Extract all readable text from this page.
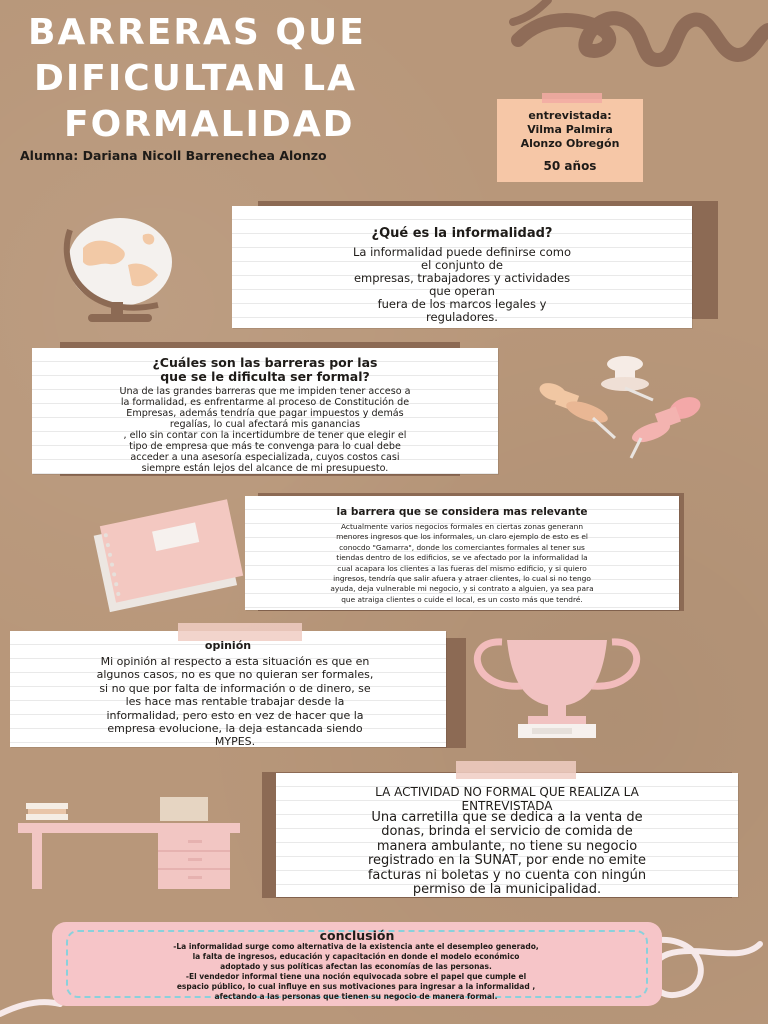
BARRERAS QUE
DIFICULTAN LA
FORMALIDAD
Alumna: Dariana Nicoll Barrenechea Alonzo
entrevistada:
Vilma Palmira
Alonzo Obregón
50 años
¿Qué es la informalidad?
La informalidad puede definirse como
el conjunto de
empresas, trabajadores y actividades
que operan
fuera de los marcos legales y
reguladores.
¿Cuáles son las barreras por las
que se le dificulta ser formal?
Una de las grandes barreras que me impiden tener acceso a
la formalidad, es enfrentarme al proceso de Constitución de
Empresas, además tendría que pagar impuestos y demás
regalías, lo cual afectará mis ganancias
, ello sin contar con la incertidumbre de tener que elegir el
tipo de empresa que más te convenga para lo cual debe
acceder a una asesoría especializada, cuyos costos casi
siempre están lejos del alcance de mi presupuesto.
la barrera que se considera mas relevante
Actualmente varios negocios formales en ciertas zonas generann
menores ingresos que los informales, un claro ejemplo de esto es el
conocdo "Gamarra", donde los comerciantes formales al tener sus
tiendas dentro de los edificios, se ve afectado por la informalidad la
cual acapara los clientes a las fueras del mismo edificio, y si quiero
ingresos, tendría que salir afuera y atraer clientes, lo cual si no tengo
ayuda, deja vulnerable mi negocio, y si contrato a alguien, ya sea para
que atraiga clientes o cuide el local, es un costo más que tendré.
opinión
Mi opinión al respecto a esta situación es que en
algunos casos, no es que no quieran ser formales,
si no que por falta de información o de dinero, se
les hace mas rentable trabajar desde la
informalidad, pero esto en vez de hacer que la
empresa evolucione, la deja estancada siendo
MYPES.
LA ACTIVIDAD NO FORMAL QUE REALIZA LA
ENTREVISTADA
Una carretilla que se dedica a la venta de
donas, brinda el servicio de comida de
manera ambulante, no tiene su negocio
registrado en la SUNAT, por ende no emite
facturas ni boletas y no cuenta con ningún
permiso de la municipalidad.
conclusión
-La informalidad surge como alternativa de la existencia ante el desempleo generado,
la falta de ingresos, educación y capacitación en donde el modelo económico
adoptado y sus políticas afectan las economías de las personas.
-El vendedor informal tiene una noción equivocada sobre el papel que cumple el
espacio público, lo cual influye en sus motivaciones para ingresar a la informalidad ,
afectando a las personas que tienen su negocio de manera formal.
